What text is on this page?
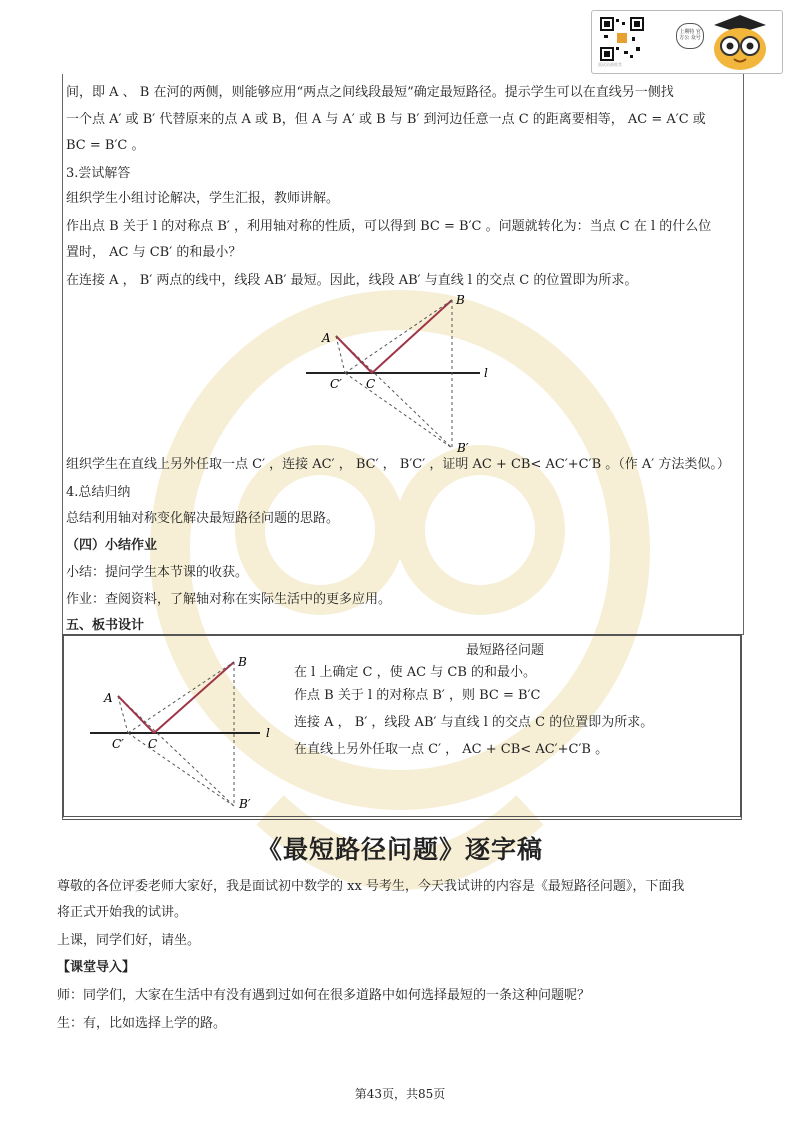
面试资源推荐
上期特 官方公 众号
间，即 A 、 B 在河的两侧，则能够应用“两点之间线段最短”确定最短路径。提示学生可以在直线另一侧找
一个点 A′ 或 B′ 代替原来的点 A 或 B，但 A 与 A′ 或 B 与 B′ 到河边任意一点 C 的距离要相等， AC = A′C 或
BC = B′C 。
3.尝试解答
组织学生小组讨论解决，学生汇报，教师讲解。
作出点 B 关于 l 的对称点 B′ ，利用轴对称的性质，可以得到 BC = B′C 。问题就转化为：当点 C 在 l 的什么位
置时， AC 与 CB′ 的和最小？
在连接 A ， B′ 两点的线中，线段 AB′ 最短。因此，线段 AB′ 与直线 l 的交点 C 的位置即为所求。
A
B
C
C′
B′
l
组织学生在直线上另外任取一点 C′ ，连接 AC′ ， BC′ ， B′C′ ，证明 AC + CB< AC′+C′B 。（作 A′ 方法类似。）
4.总结归纳
总结利用轴对称变化解决最短路径问题的思路。
（四）小结作业
小结：提问学生本节课的收获。
作业：查阅资料，了解轴对称在实际生活中的更多应用。
五、板书设计
A
B
C
C′
B′
l
最短路径问题
在 l 上确定 C ，使 AC 与 CB 的和最小。
作点 B 关于 l 的对称点 B′ ，则 BC = B′C
连接 A ， B′ ，线段 AB′ 与直线 l 的交点 C 的位置即为所求。
在直线上另外任取一点 C′ ， AC + CB< AC′+C′B 。
《最短路径问题》逐字稿
尊敬的各位评委老师大家好，我是面试初中数学的 xx 号考生，今天我试讲的内容是《最短路径问题》，下面我
将正式开始我的试讲。
上课，同学们好，请坐。
【课堂导入】
师：同学们，大家在生活中有没有遇到过如何在很多道路中如何选择最短的一条这种问题呢？
生：有，比如选择上学的路。
第43页，共85页
